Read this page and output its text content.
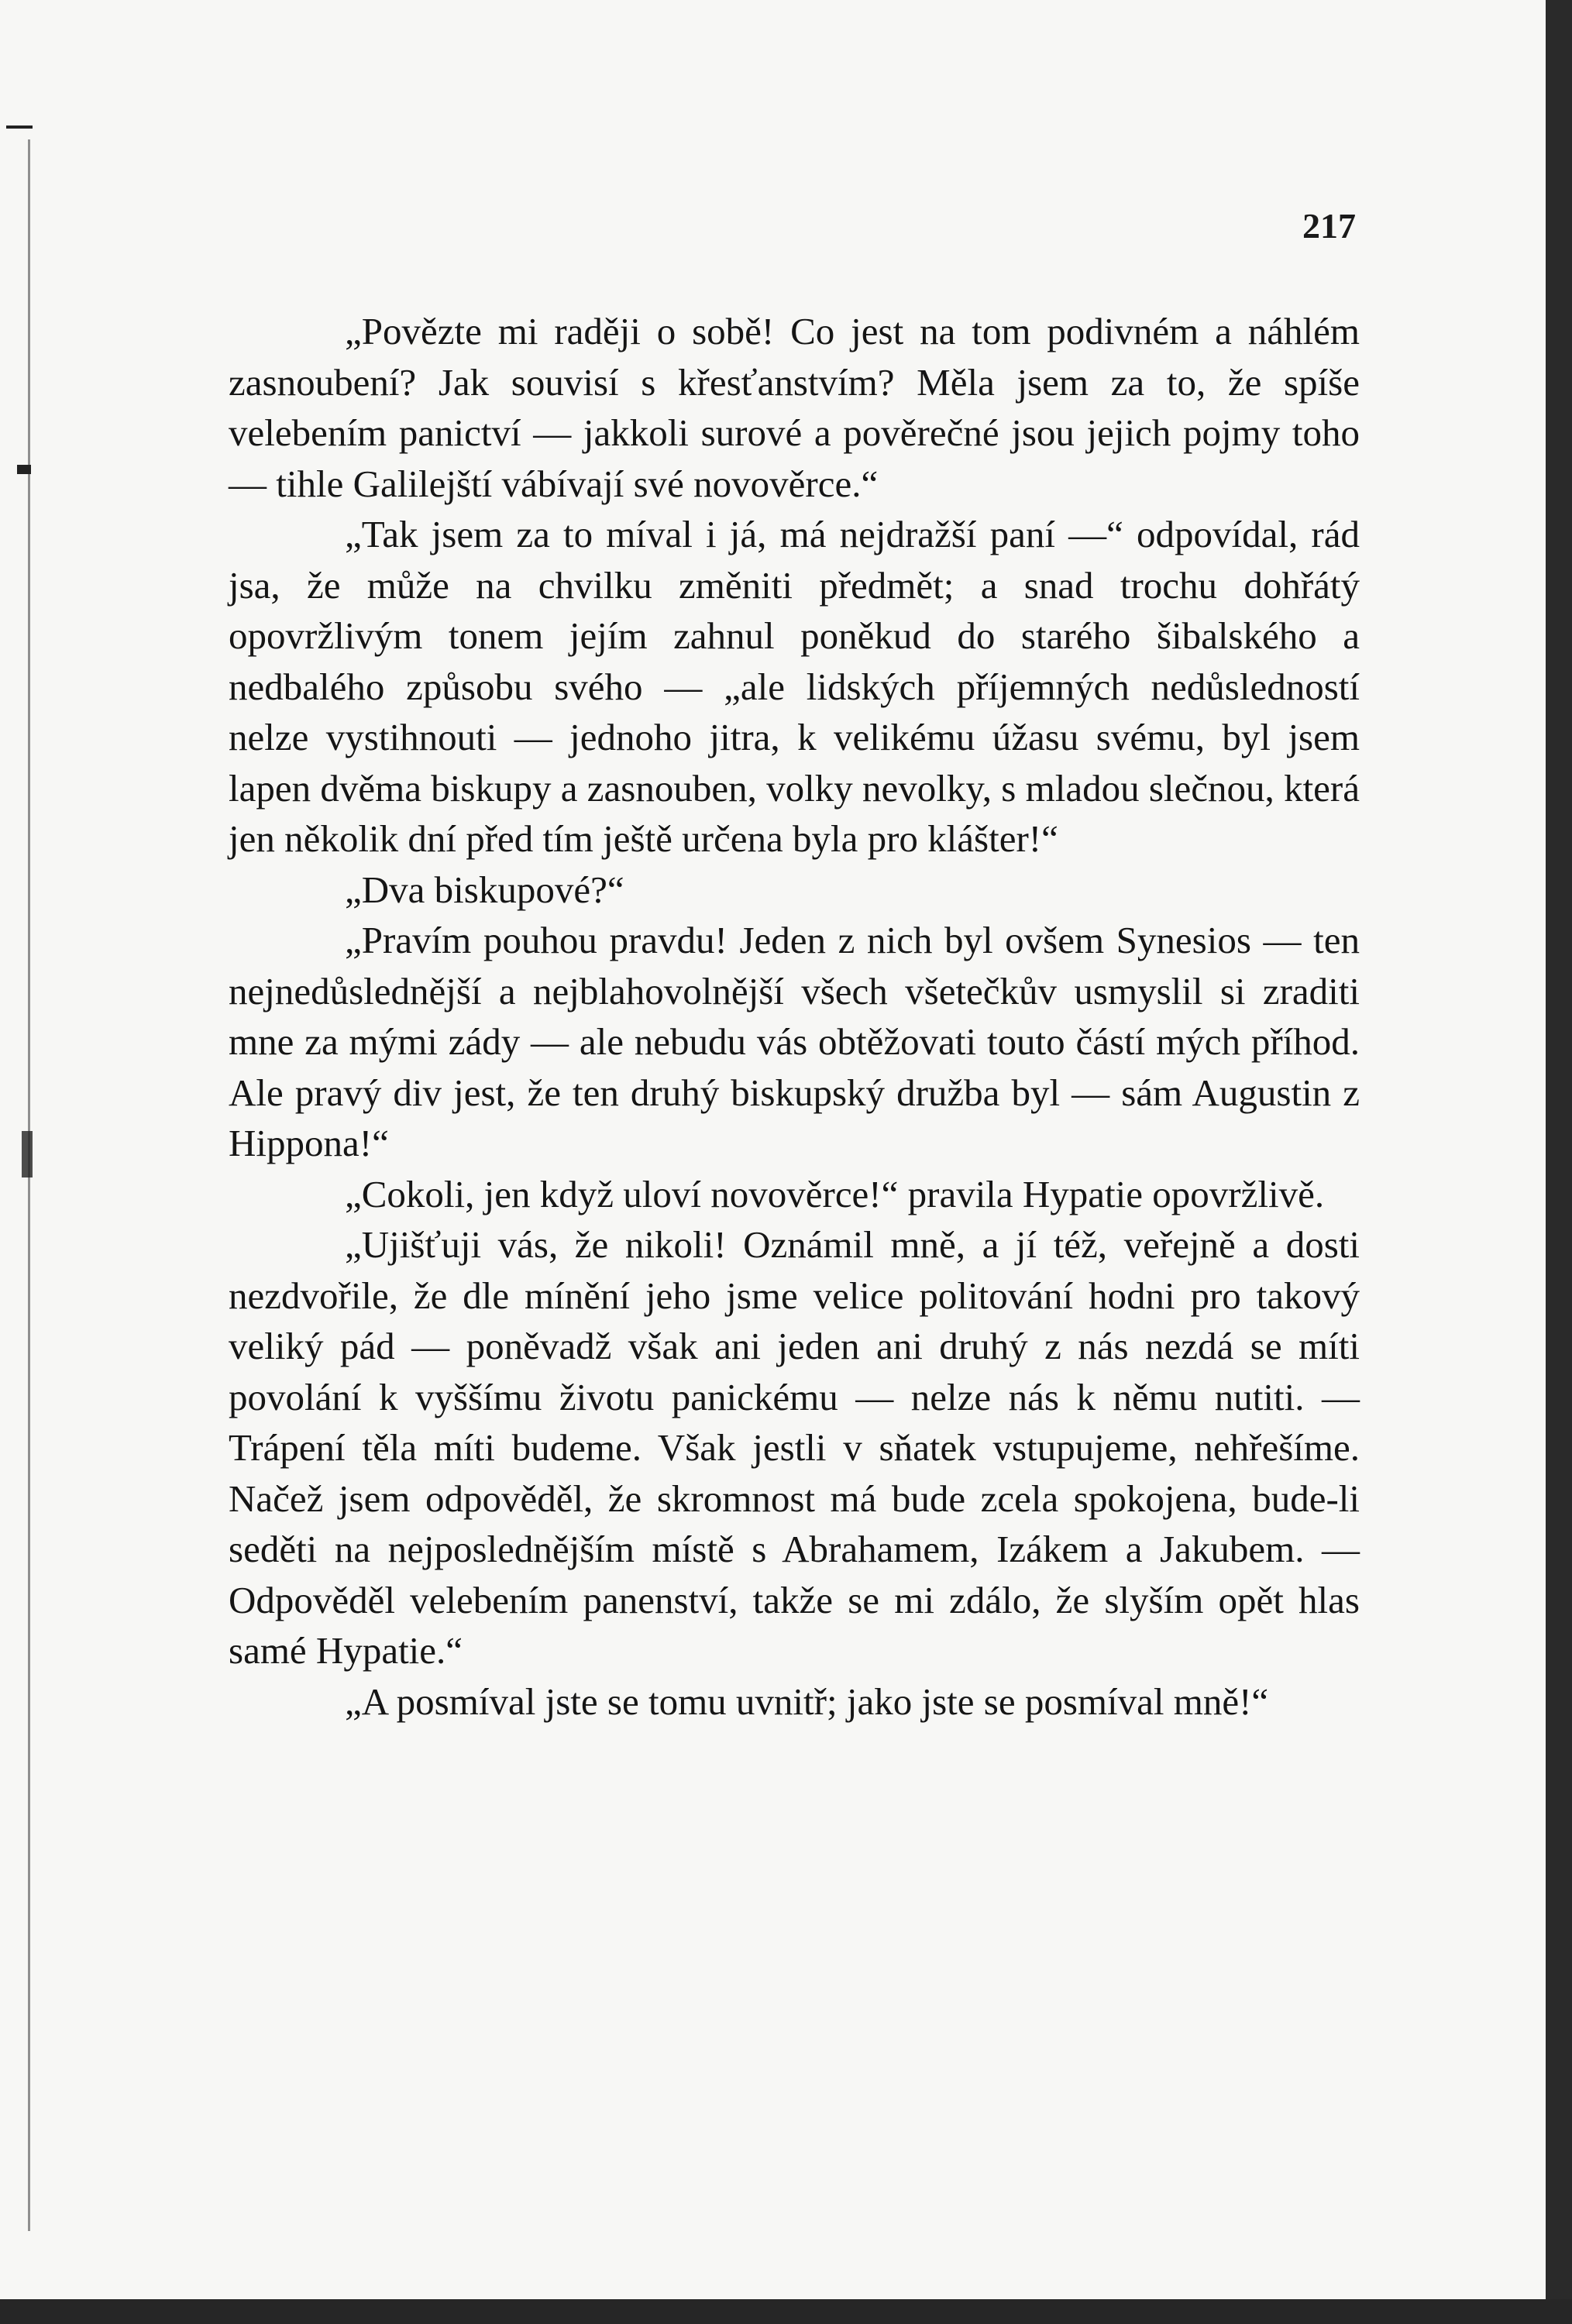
217

„Povězte mi raději o sobě! Co jest na tom podivném a náhlém zasnoubení? Jak souvisí s křesťanstvím? Měla jsem za to, že spíše velebením panictví — jakkoli surové a pověrečné jsou jejich pojmy toho — tihle Galilejští vábívají své novověrce.“

„Tak jsem za to míval i já, má nejdražší paní —“ odpovídal, rád jsa, že může na chvilku změniti předmět; a snad trochu dohřátý opovržlivým tonem jejím zahnul poněkud do starého šibalského a nedbalého způsobu svého — „ale lidských příjemných nedůsledností nelze vystihnouti — jednoho jitra, k velikému úžasu svému, byl jsem lapen dvěma biskupy a zasnouben, volky nevolky, s mladou slečnou, která jen několik dní před tím ještě určena byla pro klášter!“

„Dva biskupové?“

„Pravím pouhou pravdu! Jeden z nich byl ovšem Synesios — ten nejnedůslednější a nejblahovolnější všech všetečkův usmyslil si zraditi mne za mými zády — ale nebudu vás obtěžovati touto částí mých příhod. Ale pravý div jest, že ten druhý biskupský družba byl — sám Augustin z Hippona!“

„Cokoli, jen když uloví novověrce!“ pravila Hypatie opovržlivě.

„Ujišťuji vás, že nikoli! Oznámil mně, a jí též, veřejně a dosti nezdvořile, že dle mínění jeho jsme velice politování hodni pro takový veliký pád — poněvadž však ani jeden ani druhý z nás nezdá se míti povolání k vyššímu životu panickému — nelze nás k němu nutiti. — Trápení těla míti budeme. Však jestli v sňatek vstupujeme, nehřešíme. Načež jsem odpověděl, že skromnost má bude zcela spokojena, bude-li seděti na nejposlednějším místě s Abrahamem, Izákem a Jakubem. — Odpověděl velebením panenství, takže se mi zdálo, že slyším opět hlas samé Hypatie.“

„A posmíval jste se tomu uvnitř; jako jste se posmíval mně!“
